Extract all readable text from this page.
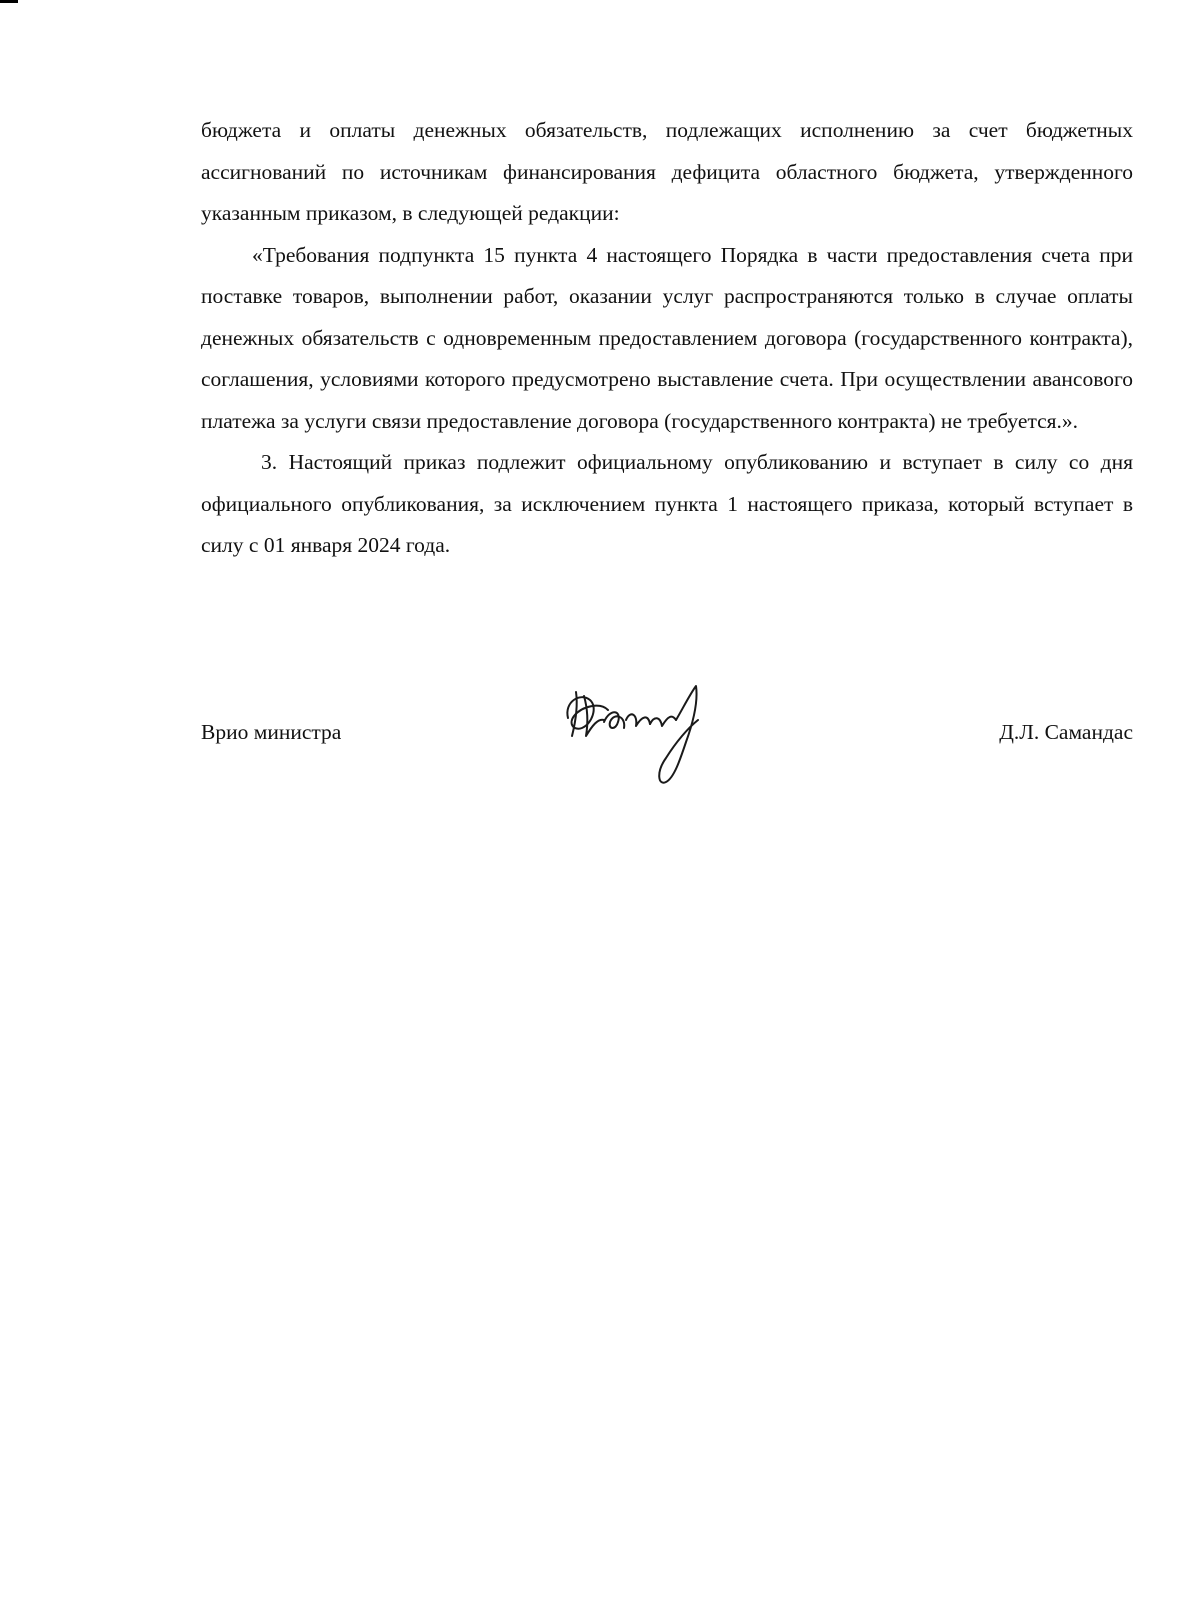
бюджета и оплаты денежных обязательств, подлежащих исполнению за счет бюджетных ассигнований по источникам финансирования дефицита областного бюджета, утвержденного указанным приказом, в следующей редакции:

«Требования подпункта 15 пункта 4 настоящего Порядка в части предоставления счета при поставке товаров, выполнении работ, оказании услуг распространяются только в случае оплаты денежных обязательств с одновременным предоставлением договора (государственного контракта), соглашения, условиями которого предусмотрено выставление счета. При осуществлении авансового платежа за услуги связи предоставление договора (государственного контракта) не требуется.».

3. Настоящий приказ подлежит официальному опубликованию и вступает в силу со дня официального опубликования, за исключением пункта 1 настоящего приказа, который вступает в силу с 01 января 2024 года.

Врио министра	Д.Л. Самандас
